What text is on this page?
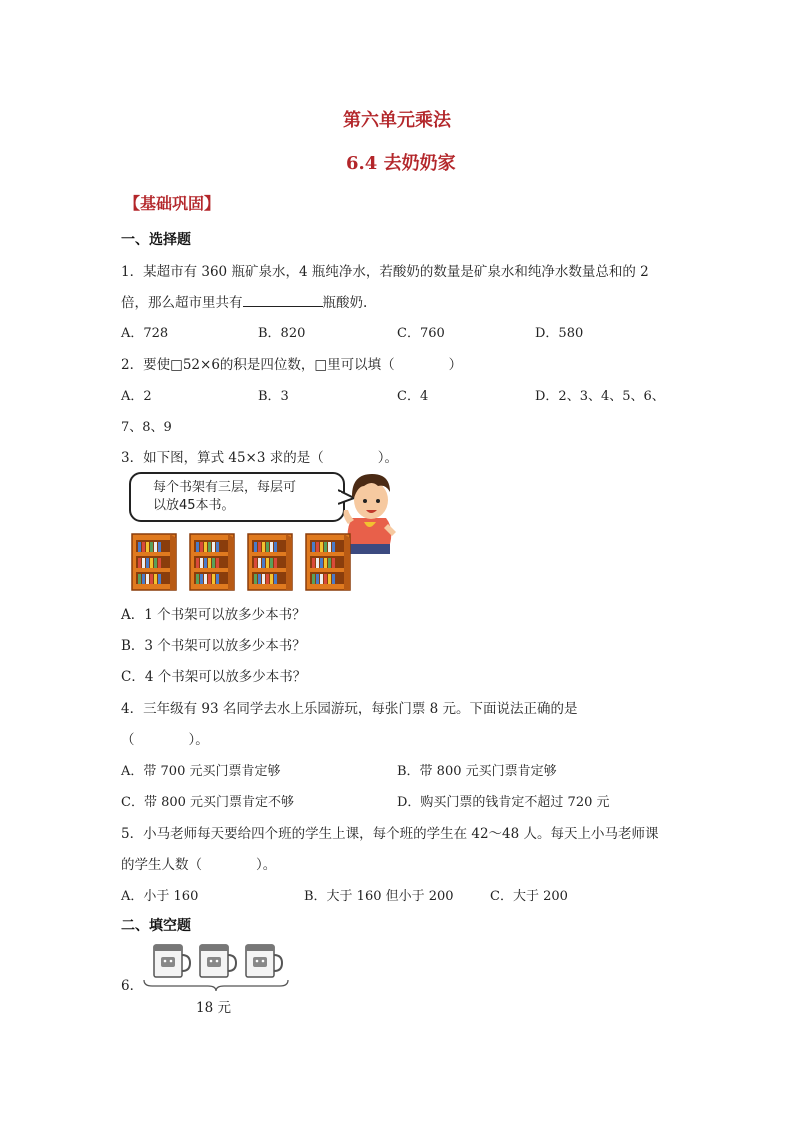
第六单元乘法
6.4 去奶奶家
【基础巩固】
一、选择题
1．某超市有 360 瓶矿泉水，4 瓶纯净水，若酸奶的数量是矿泉水和纯净水数量总和的 2
倍，那么超市里共有	瓶酸奶.
A．728	B．820	C．760	D．580
2．要使□52×6的积是四位数，□里可以填（　　　　）
A．2	B．3	C．4	D．2、3、4、5、6、
7、8、9
3．如下图，算式 45×3 求的是（　　　　）。
每个书架有三层，每层可
以放45本书。
A．1 个书架可以放多少本书？
B．3 个书架可以放多少本书？
C．4 个书架可以放多少本书？
4．三年级有 93 名同学去水上乐园游玩，每张门票 8 元。下面说法正确的是
（　　　　）。
A．带 700 元买门票肯定够	B．带 800 元买门票肯定够
C．带 800 元买门票肯定不够	D．购买门票的钱肯定不超过 720 元
5．小马老师每天要给四个班的学生上课，每个班的学生在 42～48 人。每天上小马老师课
的学生人数（　　　　）。
A．小于 160	B．大于 160 但小于 200	C．大于 200
二、填空题
6．
18 元
